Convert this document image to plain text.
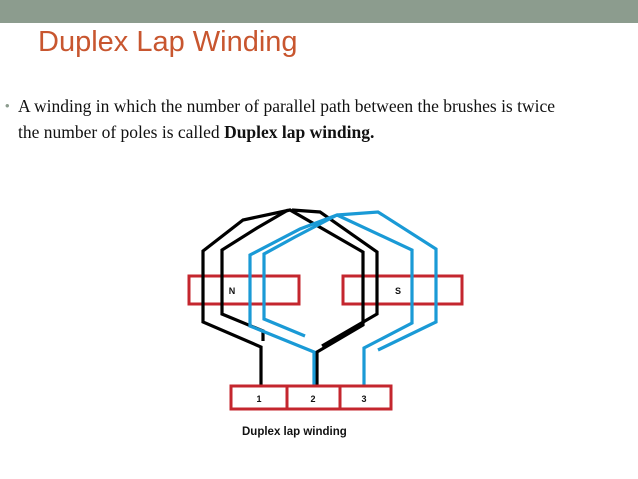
Duplex Lap Winding
• A winding in which the number of parallel path between the brushes is twice the number of poles is called Duplex lap winding.
N	S
1	2	3
Duplex lap winding
